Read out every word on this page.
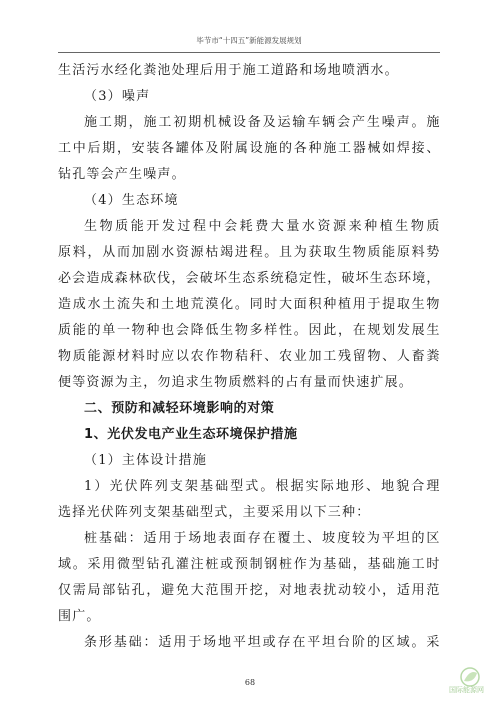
毕节市“十四五”新能源发展规划
生活污水经化粪池处理后用于施工道路和场地喷洒水。
（3）噪声
施工期，施工初期机械设备及运输车辆会产生噪声。施
工中后期，安装各罐体及附属设施的各种施工器械如焊接、
钻孔等会产生噪声。
（4）生态环境
生物质能开发过程中会耗费大量水资源来种植生物质
原料，从而加剧水资源枯竭进程。且为获取生物质能原料势
必会造成森林砍伐，会破坏生态系统稳定性，破坏生态环境，
造成水土流失和土地荒漠化。同时大面积种植用于提取生物
质能的单一物种也会降低生物多样性。因此，在规划发展生
物质能源材料时应以农作物秸秆、农业加工残留物、人畜粪
便等资源为主，勿追求生物质燃料的占有量而快速扩展。
二、预防和减轻环境影响的对策
1、光伏发电产业生态环境保护措施
（1）主体设计措施
1）光伏阵列支架基础型式。根据实际地形、地貌合理
选择光伏阵列支架基础型式，主要采用以下三种：
桩基础：适用于场地表面存在覆土、坡度较为平坦的区
域。采用微型钻孔灌注桩或预制钢桩作为基础，基础施工时
仅需局部钻孔，避免大范围开挖，对地表扰动较小，适用范
围广。
条形基础：适用于场地平坦或存在平坦台阶的区域。采
68
国际能源网
